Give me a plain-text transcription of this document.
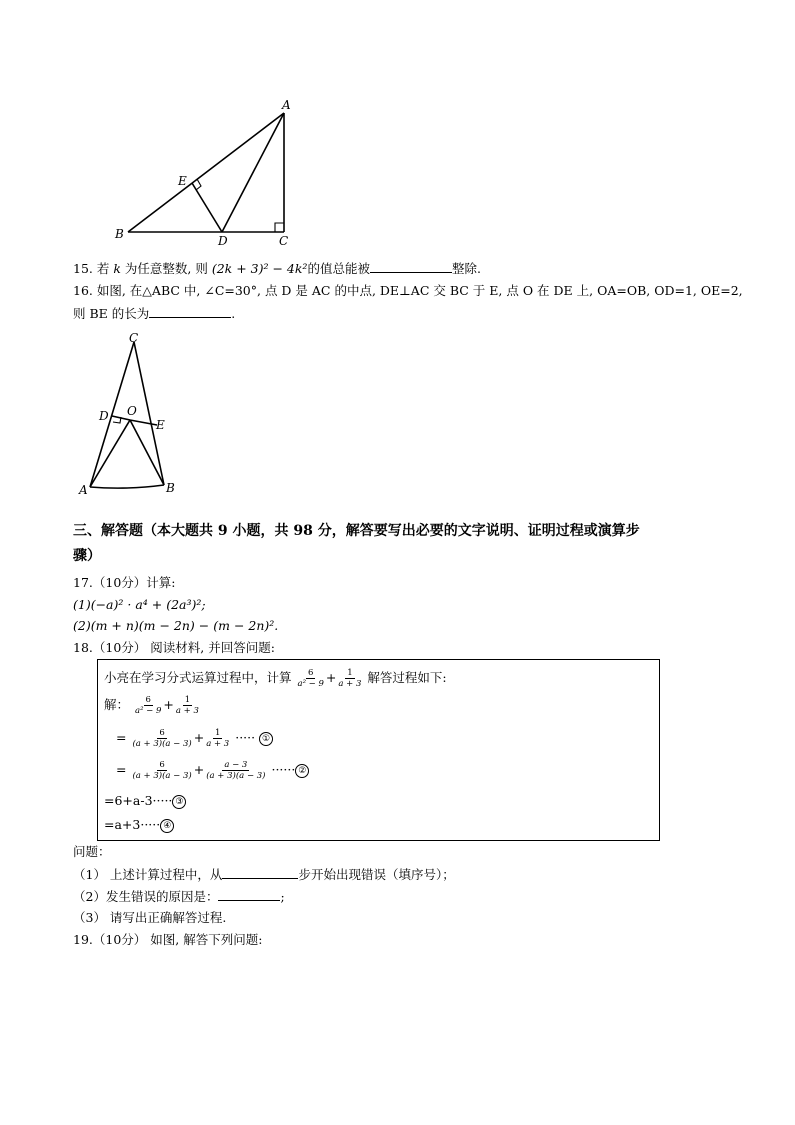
A
B	C
D
E
15. 若 k 为任意整数, 则 (2k + 3)² − 4k²的值总能被	整除.
16. 如图, 在△ABC 中, ∠C=30°, 点 D 是 AC 的中点, DE⊥AC 交 BC 于 E, 点 O 在 DE 上, OA=OB, OD=1, OE=2,
则 BE 的长为	.
C
D O
E
A	B
三、解答题（本大题共 9 小题，共 98 分，解答要写出必要的文字说明、证明过程或演算步
骤）
17.（10分）计算:
(1)(−a)² · a⁴ + (2a³)²;
(2)(m + n)(m − 2n) − (m − 2n)².
18.（10分） 阅读材料, 并回答问题:
小亮在学习分式运算过程中，计算 $\frac{6}{\text{a² − 9}} + \frac{1}{a + 3}$ 解答过程如下:
解： $\frac{6}{\text{a² − 9}} + \frac{1}{a + 3}$
= $\frac{6}{(a + 3)(a - 3)} + \frac{1}{a + 3}$ ····· ①
= $\frac{6}{(a + 3)(a - 3)} + \frac{a - 3}{(a + 3)(a - 3)}$ ······ ②
=6+a-3····· ③
=a+3····· ④
问题：
（1） 上述计算过程中，从	步开始出现错误（填序号）；
（2）发生错误的原因是：	;
（3） 请写出正确解答过程.
19.（10分） 如图, 解答下列问题:
